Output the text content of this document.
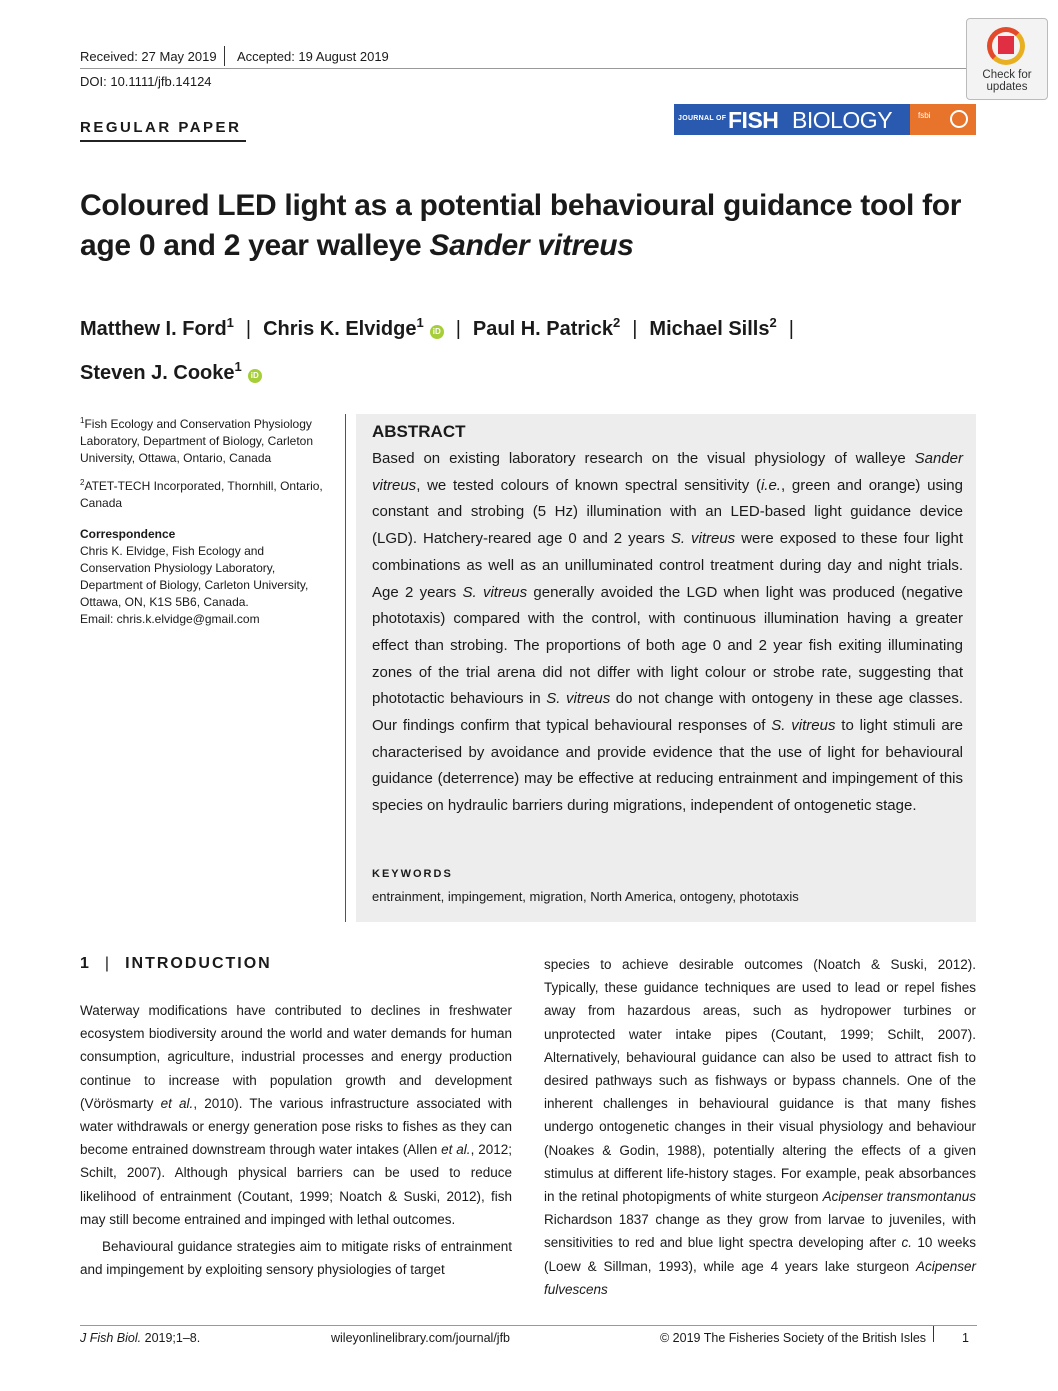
Received: 27 May 2019 Accepted: 19 August 2019
DOI: 10.1111/jfb.14124
REGULAR PAPER
Check for updates
JOURNAL OF FISH BIOLOGY	fsbi
Coloured LED light as a potential behavioural guidance tool for
age 0 and 2 year walleye Sander vitreus
Matthew I. Ford$^1$ | Chris K. Elvidge$^1$iD | Paul H. Patrick$^2$ | Michael Sills$^2$ |
Steven J. Cooke$^1$iD

$^1$Fish Ecology and Conservation Physiology Laboratory, Department of Biology, Carleton University, Ottawa, Ontario, Canada

$^2$ATET-TECH Incorporated, Thornhill, Ontario, Canada

Correspondence

Chris K. Elvidge, Fish Ecology and
Conservation Physiology Laboratory,
Department of Biology, Carleton University,
Ottawa, ON, K1S 5B6, Canada.
Email: chris.k.elvidge@gmail.com

ABSTRACT
Based on existing laboratory research on the visual physiology of walleye Sander vitreus, we tested colours of known spectral sensitivity (i.e., green and orange) using constant and strobing (5 Hz) illumination with an LED-based light guidance device (LGD). Hatchery-reared age 0 and 2 years S. vitreus were exposed to these four light combinations as well as an unilluminated control treatment during day and night trials. Age 2 years S. vitreus generally avoided the LGD when light was produced (negative phototaxis) compared with the control, with continuous illumination having a greater effect than strobing. The proportions of both age 0 and 2 year fish exiting illuminating zones of the trial arena did not differ with light colour or strobe rate, suggesting that phototactic behaviours in S. vitreus do not change with ontogeny in these age classes. Our findings confirm that typical behavioural responses of S. vitreus to light stimuli are characterised by avoidance and provide evidence that the use of light for behavioural guidance (deterrence) may be effective at reducing entrainment and impingement of this species on hydraulic barriers during migrations, independent of ontogenetic stage.
KEYWORDS
entrainment, impingement, migration, North America, ontogeny, phototaxis
1 | INTRODUCTION

Waterway modifications have contributed to declines in freshwater ecosystem biodiversity around the world and water demands for human consumption, agriculture, industrial processes and energy production continue to increase with population growth and development (Vörösmarty et al., 2010). The various infrastructure associated with water withdrawals or energy generation pose risks to fishes as they can become entrained downstream through water intakes (Allen et al., 2012; Schilt, 2007). Although physical barriers can be used to reduce likelihood of entrainment (Coutant, 1999; Noatch & Suski, 2012), fish may still become entrained and impinged with lethal outcomes.

Behavioural guidance strategies aim to mitigate risks of entrainment and impingement by exploiting sensory physiologies of target

species to achieve desirable outcomes (Noatch & Suski, 2012). Typically, these guidance techniques are used to lead or repel fishes away from hazardous areas, such as hydropower turbines or unprotected water intake pipes (Coutant, 1999; Schilt, 2007). Alternatively, behavioural guidance can also be used to attract fish to desired pathways such as fishways or bypass channels. One of the inherent challenges in behavioural guidance is that many fishes undergo ontogenetic changes in their visual physiology and behaviour (Noakes & Godin, 1988), potentially altering the effects of a given stimulus at different life-history stages. For example, peak absorbances in the retinal photopigments of white sturgeon Acipenser transmontanus Richardson 1837 change as they grow from larvae to juveniles, with sensitivities to red and blue light spectra developing after c. 10 weeks (Loew & Sillman, 1993), while age 4 years lake sturgeon Acipenser fulvescens

J Fish Biol. 2019;1–8.	wileyonlinelibrary.com/journal/jfb	© 2019 The Fisheries Society of the British Isles	1
